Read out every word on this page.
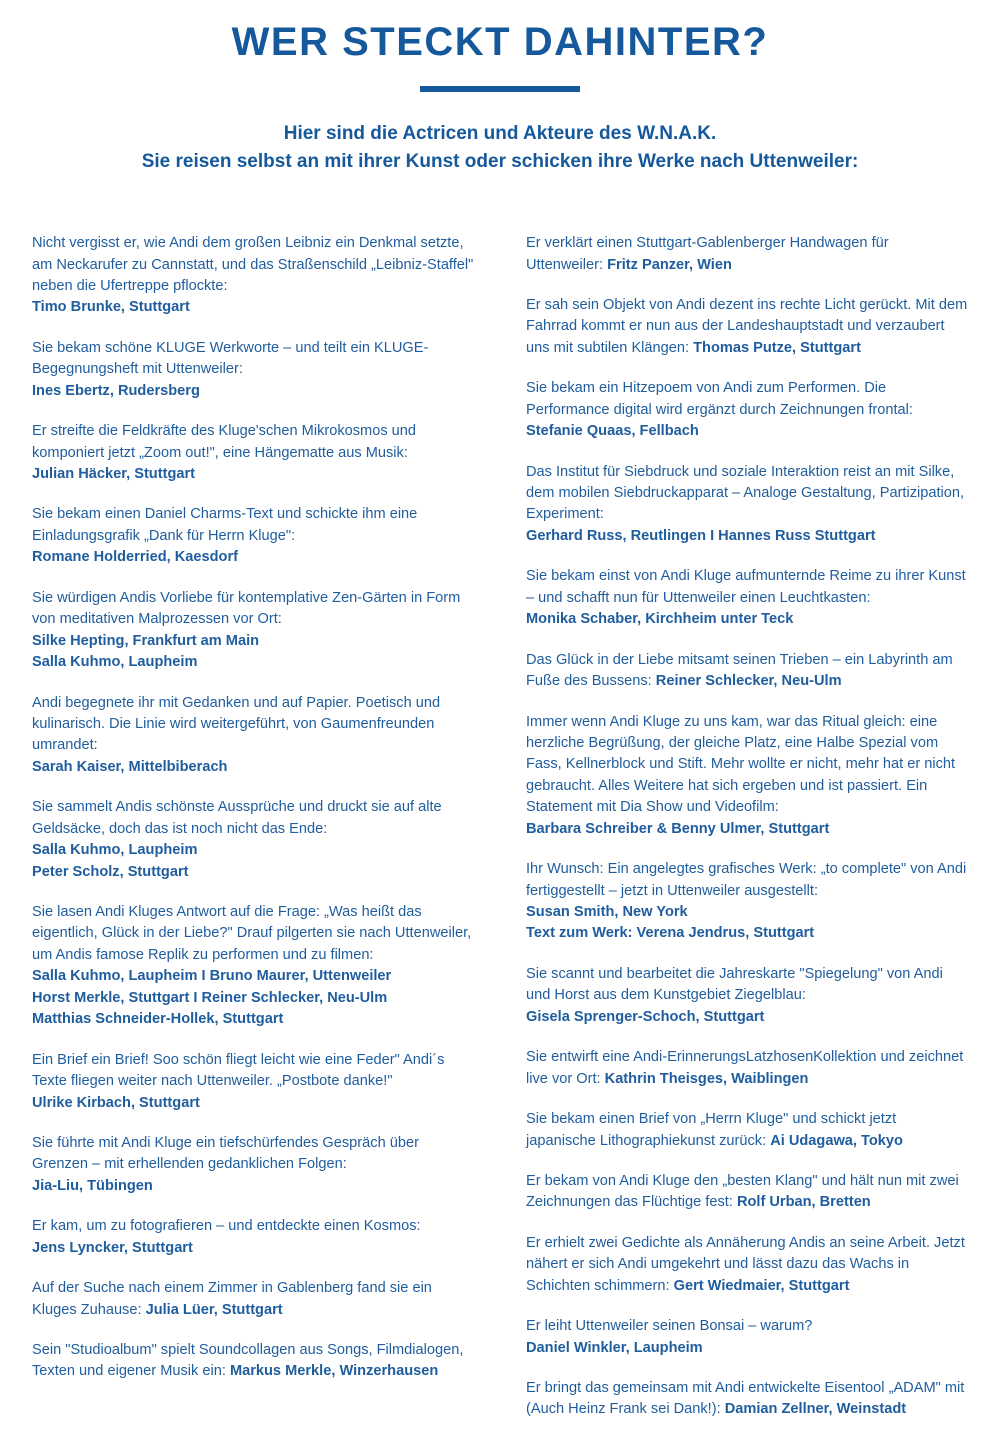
WER STECKT DAHINTER?
Hier sind die Actricen und Akteure des W.N.A.K.
Sie reisen selbst an mit ihrer Kunst oder schicken ihre Werke nach Uttenweiler:
Nicht vergisst er, wie Andi dem großen Leibniz ein Denkmal setzte, am Neckarufer zu Cannstatt, und das Straßenschild „Leibniz-Staffel" neben die Ufertreppe pflockte:
Timo Brunke, Stuttgart
Sie bekam schöne KLUGE Werkworte – und teilt ein KLUGE-Begegnungsheft mit Uttenweiler:
Ines Ebertz, Rudersberg
Er streifte die Feldkräfte des Kluge'schen Mikrokosmos und komponiert jetzt „Zoom out!", eine Hängematte aus Musik:
Julian Häcker, Stuttgart
Sie bekam einen Daniel Charms-Text und schickte ihm eine Einladungsgrafik „Dank für Herrn Kluge":
Romane Holderried, Kaesdorf
Sie würdigen Andis Vorliebe für kontemplative Zen-Gärten in Form von meditativen Malprozessen vor Ort:
Silke Hepting, Frankfurt am Main
Salla Kuhmo, Laupheim
Andi begegnete ihr mit Gedanken und auf Papier. Poetisch und kulinarisch. Die Linie wird weitergeführt, von Gaumenfreunden umrandet:
Sarah Kaiser, Mittelbiberach
Sie sammelt Andis schönste Aussprüche und druckt sie auf alte Geldsäcke, doch das ist noch nicht das Ende:
Salla Kuhmo, Laupheim
Peter Scholz, Stuttgart
Sie lasen Andi Kluges Antwort auf die Frage: „Was heißt das eigentlich, Glück in der Liebe?" Drauf pilgerten sie nach Uttenweiler, um Andis famose Replik zu performen und zu filmen:
Salla Kuhmo, Laupheim I Bruno Maurer, Uttenweiler
Horst Merkle, Stuttgart I Reiner Schlecker, Neu-Ulm
Matthias Schneider-Hollek, Stuttgart
Ein Brief ein Brief! Soo schön fliegt leicht wie eine Feder" Andi´s Texte fliegen weiter nach Uttenweiler. „Postbote danke!"
Ulrike Kirbach, Stuttgart
Sie führte mit Andi Kluge ein tiefschürfendes Gespräch über Grenzen – mit erhellenden gedanklichen Folgen:
Jia-Liu, Tübingen
Er kam, um zu fotografieren – und entdeckte einen Kosmos:
Jens Lyncker, Stuttgart
Auf der Suche nach einem Zimmer in Gablenberg fand sie ein Kluges Zuhause: Julia Lüer, Stuttgart
Sein "Studioalbum" spielt Soundcollagen aus Songs, Filmdialogen, Texten und eigener Musik ein: Markus Merkle, Winzerhausen
Er verklärt einen Stuttgart-Gablenberger Handwagen für Uttenweiler: Fritz Panzer, Wien
Er sah sein Objekt von Andi dezent ins rechte Licht gerückt. Mit dem Fahrrad kommt er nun aus der Landeshauptstadt und verzaubert uns mit subtilen Klängen: Thomas Putze, Stuttgart
Sie bekam ein Hitzepoem von Andi zum Performen. Die Performance digital wird ergänzt durch Zeichnungen frontal:
Stefanie Quaas, Fellbach
Das Institut für Siebdruck und soziale Interaktion reist an mit Silke, dem mobilen Siebdruckapparat – Analoge Gestaltung, Partizipation, Experiment:
Gerhard Russ, Reutlingen I Hannes Russ Stuttgart
Sie bekam einst von Andi Kluge aufmunternde Reime zu ihrer Kunst – und schafft nun für Uttenweiler einen Leuchtkasten:
Monika Schaber, Kirchheim unter Teck
Das Glück in der Liebe mitsamt seinen Trieben – ein Labyrinth am Fuße des Bussens: Reiner Schlecker, Neu-Ulm
Immer wenn Andi Kluge zu uns kam, war das Ritual gleich: eine herzliche Begrüßung, der gleiche Platz, eine Halbe Spezial vom Fass, Kellnerblock und Stift. Mehr wollte er nicht, mehr hat er nicht gebraucht. Alles Weitere hat sich ergeben und ist passiert. Ein Statement mit Dia Show und Videofilm:
Barbara Schreiber & Benny Ulmer, Stuttgart
Ihr Wunsch: Ein angelegtes grafisches Werk: „to complete" von Andi fertiggestellt – jetzt in Uttenweiler ausgestellt:
Susan Smith, New York
Text zum Werk: Verena Jendrus, Stuttgart
Sie scannt und bearbeitet die Jahreskarte "Spiegelung" von Andi und Horst aus dem Kunstgebiet Ziegelblau:
Gisela Sprenger-Schoch, Stuttgart
Sie entwirft eine Andi-ErinnerungsLatzhosenKollektion und zeichnet live vor Ort: Kathrin Theisges, Waiblingen
Sie bekam einen Brief von „Herrn Kluge" und schickt jetzt japanische Lithographiekunst zurück: Ai Udagawa, Tokyo
Er bekam von Andi Kluge den „besten Klang" und hält nun mit zwei Zeichnungen das Flüchtige fest: Rolf Urban, Bretten
Er erhielt zwei Gedichte als Annäherung Andis an seine Arbeit. Jetzt nähert er sich Andi umgekehrt und lässt dazu das Wachs in Schichten schimmern: Gert Wiedmaier, Stuttgart
Er leiht Uttenweiler seinen Bonsai – warum?
Daniel Winkler, Laupheim
Er bringt das gemeinsam mit Andi entwickelte Eisentool „ADAM" mit (Auch Heinz Frank sei Dank!): Damian Zellner, Weinstadt
